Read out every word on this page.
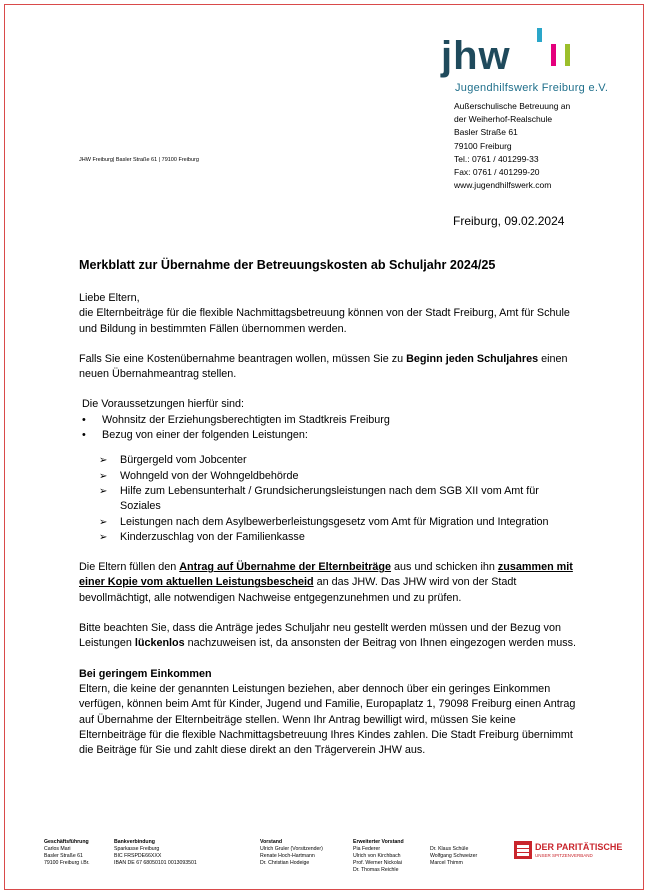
jhw
Jugendhilfswerk Freiburg e.V.
Außerschulische Betreuung an
der Weiherhof-Realschule
Basler Straße 61
79100 Freiburg
Tel.: 0761 / 401299-33
Fax: 0761 / 401299-20
www.jugendhilfswerk.com
JHW Freiburg| Basler Straße 61 | 79100 Freiburg
Freiburg, 09.02.2024
Merkblatt zur Übernahme der Betreuungskosten ab Schuljahr 2024/25

Liebe Eltern,

die Elternbeiträge für die flexible Nachmittagsbetreuung können von der Stadt Freiburg, Amt für Schule und Bildung in bestimmten Fällen übernommen werden.

Falls Sie eine Kostenübernahme beantragen wollen, müssen Sie zu Beginn jeden Schuljahres einen neuen Übernahmeantrag stellen.

Die Voraussetzungen hierfür sind:

• Wohnsitz der Erziehungsberechtigten im Stadtkreis Freiburg
• Bezug von einer der folgenden Leistungen:
➢ Bürgergeld vom Jobcenter
➢ Wohngeld von der Wohngeldbehörde
➢ Hilfe zum Lebensunterhalt / Grundsicherungsleistungen nach dem SGB XII vom Amt für Soziales
➢ Leistungen nach dem Asylbewerberleistungsgesetz vom Amt für Migration und Integration
➢ Kinderzuschlag von der Familienkasse

Die Eltern füllen den Antrag auf Übernahme der Elternbeiträge aus und schicken ihn zusammen mit einer Kopie vom aktuellen Leistungsbescheid an das JHW. Das JHW wird von der Stadt bevollmächtigt, alle notwendigen Nachweise entgegenzunehmen und zu prüfen.

Bitte beachten Sie, dass die Anträge jedes Schuljahr neu gestellt werden müssen und der Bezug von Leistungen lückenlos nachzuweisen ist, da ansonsten der Beitrag von Ihnen eingezogen werden muss.

Bei geringem Einkommen

Eltern, die keine der genannten Leistungen beziehen, aber dennoch über ein geringes Einkommen verfügen, können beim Amt für Kinder, Jugend und Familie, Europaplatz 1, 79098 Freiburg einen Antrag auf Übernahme der Elternbeiträge stellen. Wenn Ihr Antrag bewilligt wird, müssen Sie keine Elternbeiträge für die flexible Nachmittagsbetreuung Ihres Kindes zahlen. Die Stadt Freiburg übernimmt die Beiträge für Sie und zahlt diese direkt an den Trägerverein JHW aus.

Geschäftsführung
Carlos Mari
Basler Straße 61
79100 Freiburg i.Br.
Bankverbindung
Sparkasse Freiburg
BIC FRSPDE66XXX
IBAN DE 67 68050101 0013093501
Vorstand
Ulrich Gruler (Vorsitzender)
Renate Hoch-Hartmann
Dr. Christian Hodeige
Erweiterter Vorstand
Pia Federer
Ulrich von Kirchbach
Prof. Werner Nickolai
Dr. Thomas Reichle
Dr. Klaus Schüle
Wolfgang Schweizer
Marcel Thimm
DER PARITÄTISCHE
UNSER SPITZENVERBAND
